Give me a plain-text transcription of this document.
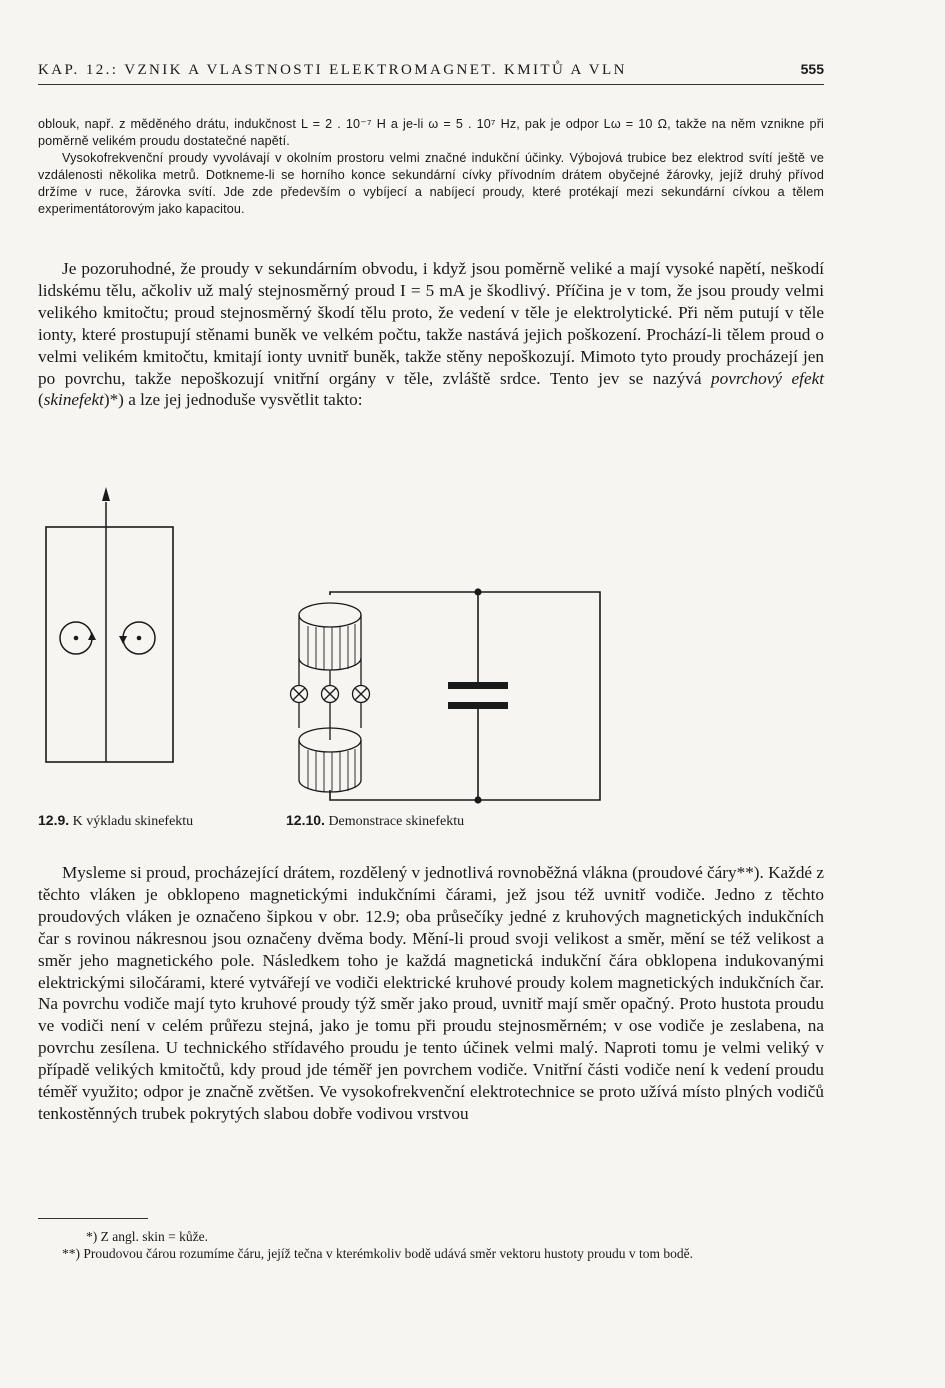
KAP. 12.: VZNIK A VLASTNOSTI ELEKTROMAGNET. KMITŮ A VLN	555

oblouk, např. z měděného drátu, indukčnost L = 2 . 10⁻⁷ H a je-li ω = 5 . 10⁷ Hz, pak je odpor Lω = 10 Ω, takže na něm vznikne při poměrně velikém proudu dostatečné napětí.

Vysokofrekvenční proudy vyvolávají v okolním prostoru velmi značné indukční účinky. Výbojová trubice bez elektrod svítí ještě ve vzdálenosti několika metrů. Dotkneme-li se horního konce sekundární cívky přívodním drátem obyčejné žárovky, jejíž druhý přívod držíme v ruce, žárovka svítí. Jde zde především o vybíjecí a nabíjecí proudy, které protékají mezi sekundární cívkou a tělem experimentátorovým jako kapacitou.

Je pozoruhodné, že proudy v sekundárním obvodu, i když jsou poměrně veliké a mají vysoké napětí, neškodí lidskému tělu, ačkoliv už malý stejnosměrný proud I = 5 mA je škodlivý. Příčina je v tom, že jsou proudy velmi velikého kmitočtu; proud stejnosměrný škodí tělu proto, že vedení v těle je elektrolytické. Při něm putují v těle ionty, které prostupují stěnami buněk ve velkém počtu, takže nastává jejich poškození. Prochází-li tělem proud o velmi velikém kmitočtu, kmitají ionty uvnitř buněk, takže stěny nepoškozují. Mimoto tyto proudy procházejí jen po povrchu, takže nepoškozují vnitřní orgány v těle, zvláště srdce. Tento jev se nazývá povrchový efekt (skinefekt)*) a lze jej jednoduše vysvětlit takto:

12.9. K výkladu skinefektu	12.10. Demonstrace skinefektu

Mysleme si proud, procházející drátem, rozdělený v jednotlivá rovnoběžná vlákna (proudové čáry**). Každé z těchto vláken je obklopeno magnetickými indukčními čárami, jež jsou též uvnitř vodiče. Jedno z těchto proudových vláken je označeno šipkou v obr. 12.9; oba průsečíky jedné z kruhových magnetických indukčních čar s rovinou nákresnou jsou označeny dvěma body. Mění-li proud svoji velikost a směr, mění se též velikost a směr jeho magnetického pole. Následkem toho je každá magnetická indukční čára obklopena indukovanými elektrickými siločárami, které vytvářejí ve vodiči elektrické kruhové proudy kolem magnetických indukčních čar. Na povrchu vodiče mají tyto kruhové proudy týž směr jako proud, uvnitř mají směr opačný. Proto hustota proudu ve vodiči není v celém průřezu stejná, jako je tomu při proudu stejnosměrném; v ose vodiče je zeslabena, na povrchu zesílena. U technického střídavého proudu je tento účinek velmi malý. Naproti tomu je velmi veliký v případě velikých kmitočtů, kdy proud jde téměř jen povrchem vodiče. Vnitřní části vodiče není k vedení proudu téměř využito; odpor je značně zvětšen. Ve vysokofrekvenční elektrotechnice se proto užívá místo plných vodičů tenkostěnných trubek pokrytých slabou dobře vodivou vrstvou

*) Z angl. skin = kůže.

**) Proudovou čárou rozumíme čáru, jejíž tečna v kterémkoliv bodě udává směr vektoru hustoty proudu v tom bodě.
